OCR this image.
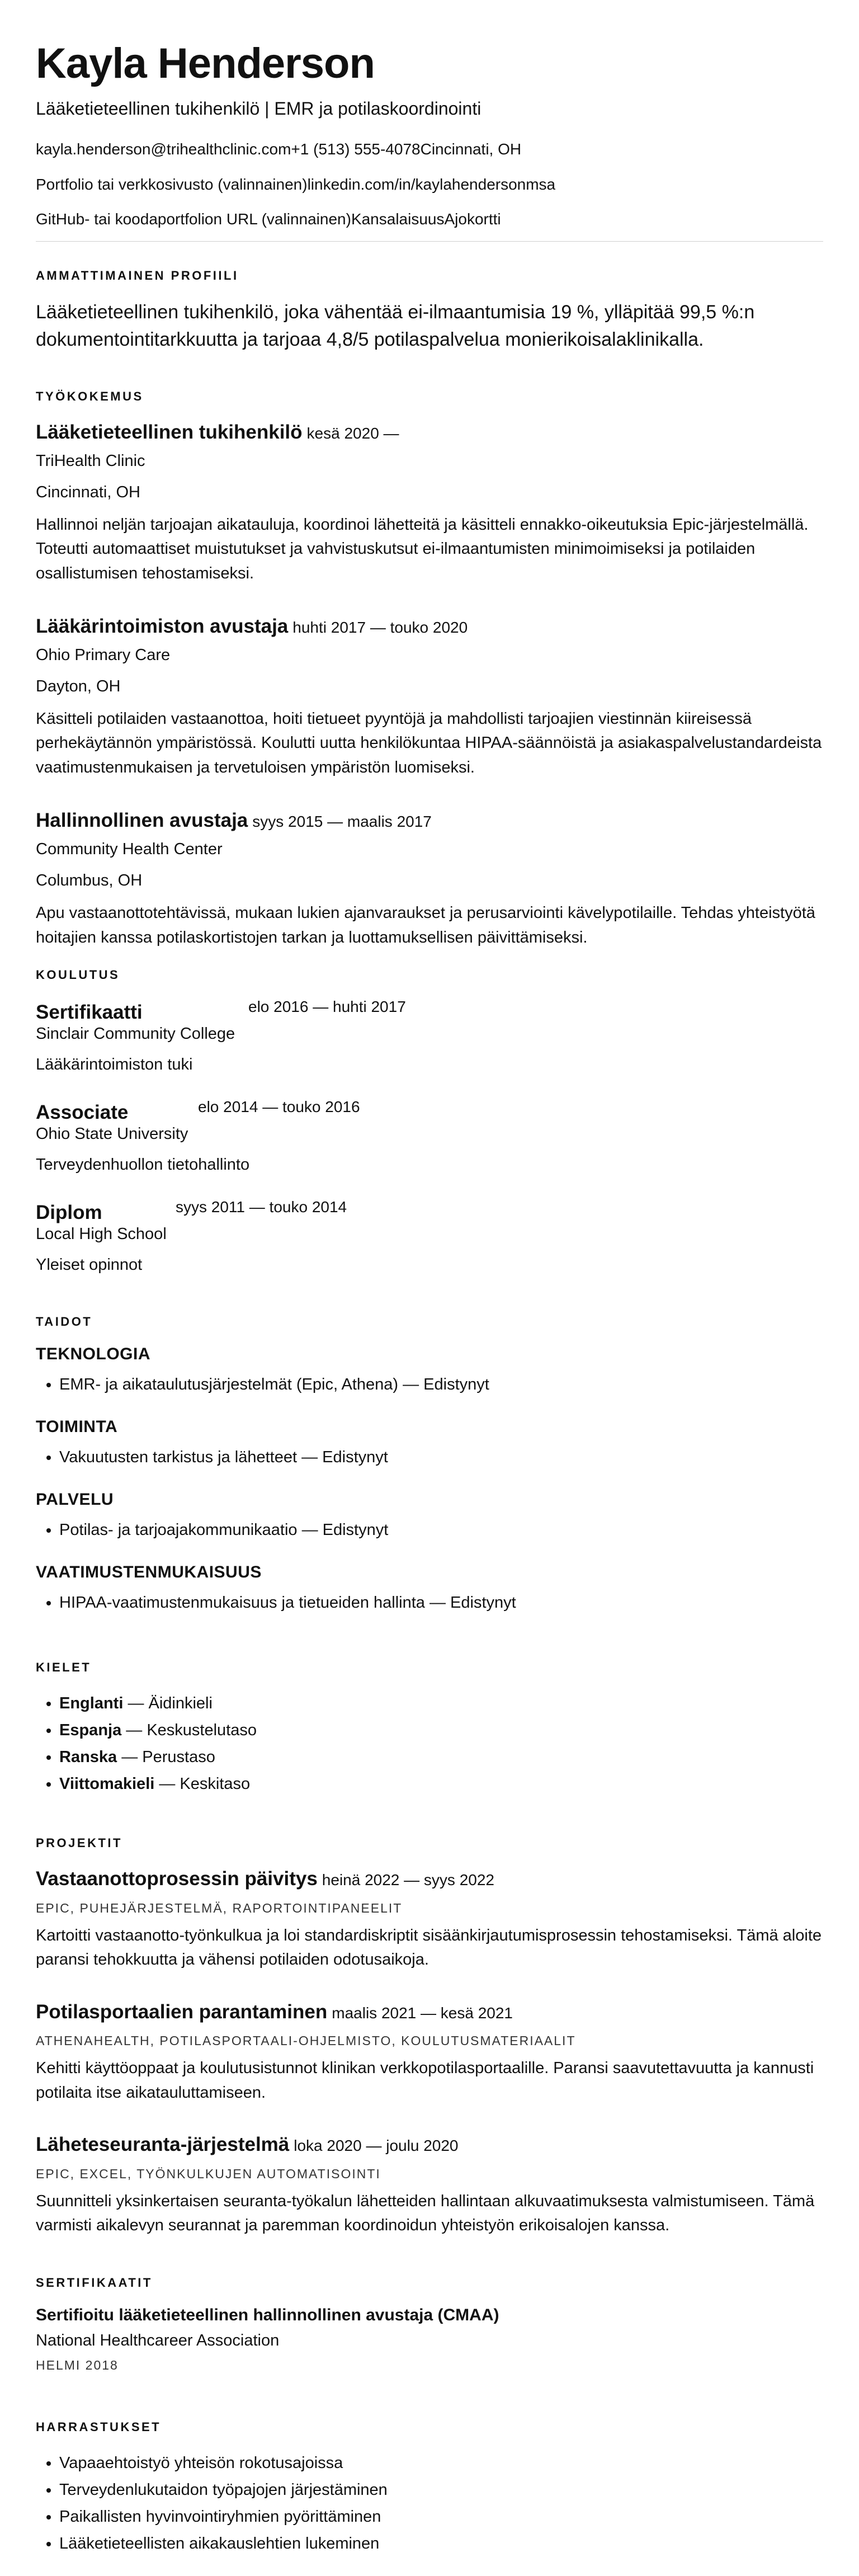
Kayla Henderson
Lääketieteellinen tukihenkilö | EMR ja potilaskoordinointi
kayla.henderson@trihealthclinic.com+1 (513) 555-4078Cincinnati, OH
Portfolio tai verkkosivusto (valinnainen)linkedin.com/in/kaylahendersonmsa
GitHub- tai koodaportfolion URL (valinnainen)KansalaisuusAjokortti
AMMATTIMAINEN PROFIILI

Lääketieteellinen tukihenkilö, joka vähentää ei-ilmaantumisia 19 %, ylläpitää 99,5 %:n dokumentointitarkkuutta ja tarjoaa 4,8/5 potilaspalvelua monierikoisalaklinikalla.

TYÖKOKEMUS
Lääketieteellinen tukihenkilö kesä 2020 —
TriHealth Clinic
Cincinnati, OH

Hallinnoi neljän tarjoajan aikatauluja, koordinoi lähetteitä ja käsitteli ennakko-oikeutuksia Epic-järjestelmällä. Toteutti automaattiset muistutukset ja vahvistuskutsut ei-ilmaantumisten minimoimiseksi ja potilaiden osallistumisen tehostamiseksi.

Lääkärintoimiston avustaja huhti 2017 — touko 2020
Ohio Primary Care
Dayton, OH

Käsitteli potilaiden vastaanottoa, hoiti tietueet pyyntöjä ja mahdollisti tarjoajien viestinnän kiireisessä perhekäytännön ympäristössä. Koulutti uutta henkilökuntaa HIPAA-säännöistä ja asiakaspalvelustandardeista vaatimustenmukaisen ja tervetuloisen ympäristön luomiseksi.

Hallinnollinen avustaja syys 2015 — maalis 2017
Community Health Center
Columbus, OH

Apu vastaanottotehtävissä, mukaan lukien ajanvaraukset ja perusarviointi kävelypotilaille. Tehdas yhteistyötä hoitajien kanssa potilaskortistojen tarkan ja luottamuksellisen päivittämiseksi.

KOULUTUS
Sertifikaatti	elo 2016 — huhti 2017
Sinclair Community College
Lääkärintoimiston tuki
Associate	elo 2014 — touko 2016
Ohio State University
Terveydenhuollon tietohallinto
Diplom	syys 2011 — touko 2014
Local High School
Yleiset opinnot
TAIDOT
TEKNOLOGIA
• EMR- ja aikataulutusjärjestelmät (Epic, Athena) — Edistynyt
TOIMINTA
• Vakuutusten tarkistus ja lähetteet — Edistynyt
PALVELU
• Potilas- ja tarjoajakommunikaatio — Edistynyt
VAATIMUSTENMUKAISUUS
• HIPAA-vaatimustenmukaisuus ja tietueiden hallinta — Edistynyt
KIELET
• Englanti — Äidinkieli
• Espanja — Keskustelutaso
• Ranska — Perustaso
• Viittomakieli — Keskitaso
PROJEKTIT
Vastaanottoprosessin päivitys heinä 2022 — syys 2022
EPIC, PUHEJÄRJESTELMÄ, RAPORTOINTIPANEELIT

Kartoitti vastaanotto-työnkulkua ja loi standardiskriptit sisäänkirjautumisprosessin tehostamiseksi. Tämä aloite paransi tehokkuutta ja vähensi potilaiden odotusaikoja.

Potilasportaalien parantaminen maalis 2021 — kesä 2021
ATHENAHEALTH, POTILASPORTAALI-OHJELMISTO, KOULUTUSMATERIAALIT

Kehitti käyttöoppaat ja koulutusistunnot klinikan verkkopotilasportaalille. Paransi saavutettavuutta ja kannusti potilaita itse aikatauluttamiseen.

Läheteseuranta-järjestelmä loka 2020 — joulu 2020
EPIC, EXCEL, TYÖNKULKUJEN AUTOMATISOINTI

Suunnitteli yksinkertaisen seuranta-työkalun lähetteiden hallintaan alkuvaatimuksesta valmistumiseen. Tämä varmisti aikalevyn seurannat ja paremman koordinoidun yhteistyön erikoisalojen kanssa.

SERTIFIKAATIT
Sertifioitu lääketieteellinen hallinnollinen avustaja (CMAA)
National Healthcareer Association
HELMI 2018
HARRASTUKSET
• Vapaaehtoistyö yhteisön rokotusajoissa
• Terveydenlukutaidon työpajojen järjestäminen
• Paikallisten hyvinvointiryhmien pyörittäminen
• Lääketieteellisten aikakauslehtien lukeminen
